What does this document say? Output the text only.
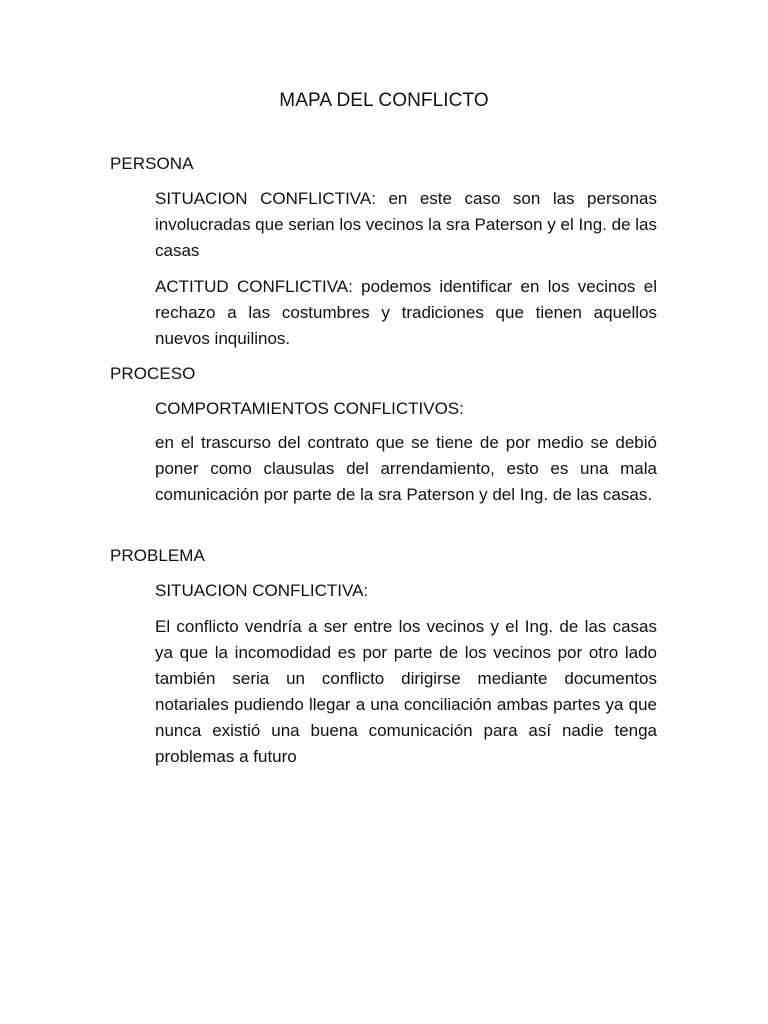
MAPA DEL CONFLICTO
PERSONA
SITUACION CONFLICTIVA: en este caso son las personas involucradas que serian los vecinos la sra Paterson y el Ing. de las casas
ACTITUD CONFLICTIVA: podemos identificar en los vecinos el rechazo a las costumbres y tradiciones que tienen aquellos nuevos inquilinos.
PROCESO
COMPORTAMIENTOS CONFLICTIVOS:
en el trascurso del contrato que se tiene de por medio se debió poner como clausulas del arrendamiento, esto es una mala comunicación por parte de la sra Paterson y del Ing. de las casas.
PROBLEMA
SITUACION CONFLICTIVA:
El conflicto vendría a ser entre los vecinos y el Ing. de las casas ya que la incomodidad es por parte de los vecinos por otro lado también seria un conflicto dirigirse mediante documentos notariales pudiendo llegar a una conciliación ambas partes ya que nunca existió una buena comunicación para así nadie tenga problemas a futuro
